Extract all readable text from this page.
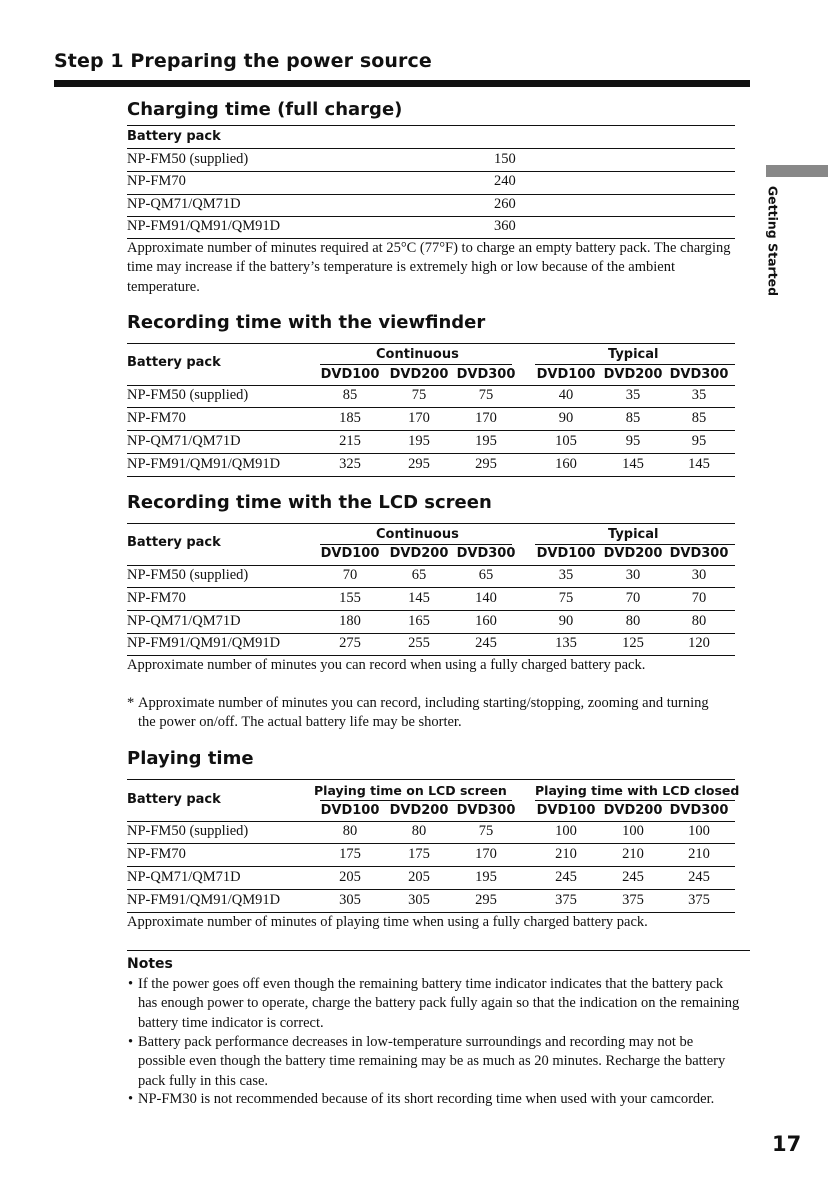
Step 1 Preparing the power source
Getting Started
Charging time (full charge)
Battery pack
NP-FM50 (supplied)	150
NP-FM70	240
NP-QM71/QM71D	260
NP-FM91/QM91/QM91D	360
Approximate number of minutes required at 25°C (77°F) to charge an empty battery pack. The charging time may increase if the battery’s temperature is extremely high or low because of the ambient temperature.
Recording time with the viewfinder
Battery pack
Continuous	Typical
DVD100 DVD200 DVD300	DVD100 DVD200 DVD300
NP-FM50 (supplied)	85	75	75	40	35	35
NP-FM70	185	170	170	90	85	85
NP-QM71/QM71D	215	195	195	105	95	95
NP-FM91/QM91/QM91D	325	295	295	160	145	145
Recording time with the LCD screen
Battery pack
Continuous	Typical
DVD100 DVD200 DVD300	DVD100 DVD200 DVD300
NP-FM50 (supplied)	70	65	65	35	30	30
NP-FM70	155	145	140	75	70	70
NP-QM71/QM71D	180	165	160	90	80	80
NP-FM91/QM91/QM91D	275	255	245	135	125	120
Approximate number of minutes you can record when using a fully charged battery pack.
* Approximate number of minutes you can record, including starting/stopping, zooming and turning the power on/off. The actual battery life may be shorter.
Playing time
Battery pack
Playing time on LCD screen Playing time with LCD closed
DVD100 DVD200 DVD300	DVD100 DVD200 DVD300
NP-FM50 (supplied)	80	80	75	100	100	100
NP-FM70	175	175	170	210	210	210
NP-QM71/QM71D	205	205	195	245	245	245
NP-FM91/QM91/QM91D	305	305	295	375	375	375
Approximate number of minutes of playing time when using a fully charged battery pack.
Notes
• If the power goes off even though the remaining battery time indicator indicates that the battery pack has enough power to operate, charge the battery pack fully again so that the indication on the remaining battery time indicator is correct.
• Battery pack performance decreases in low-temperature surroundings and recording may not be possible even though the battery time remaining may be as much as 20 minutes. Recharge the battery pack fully in this case.
• NP-FM30 is not recommended because of its short recording time when used with your camcorder.
17
